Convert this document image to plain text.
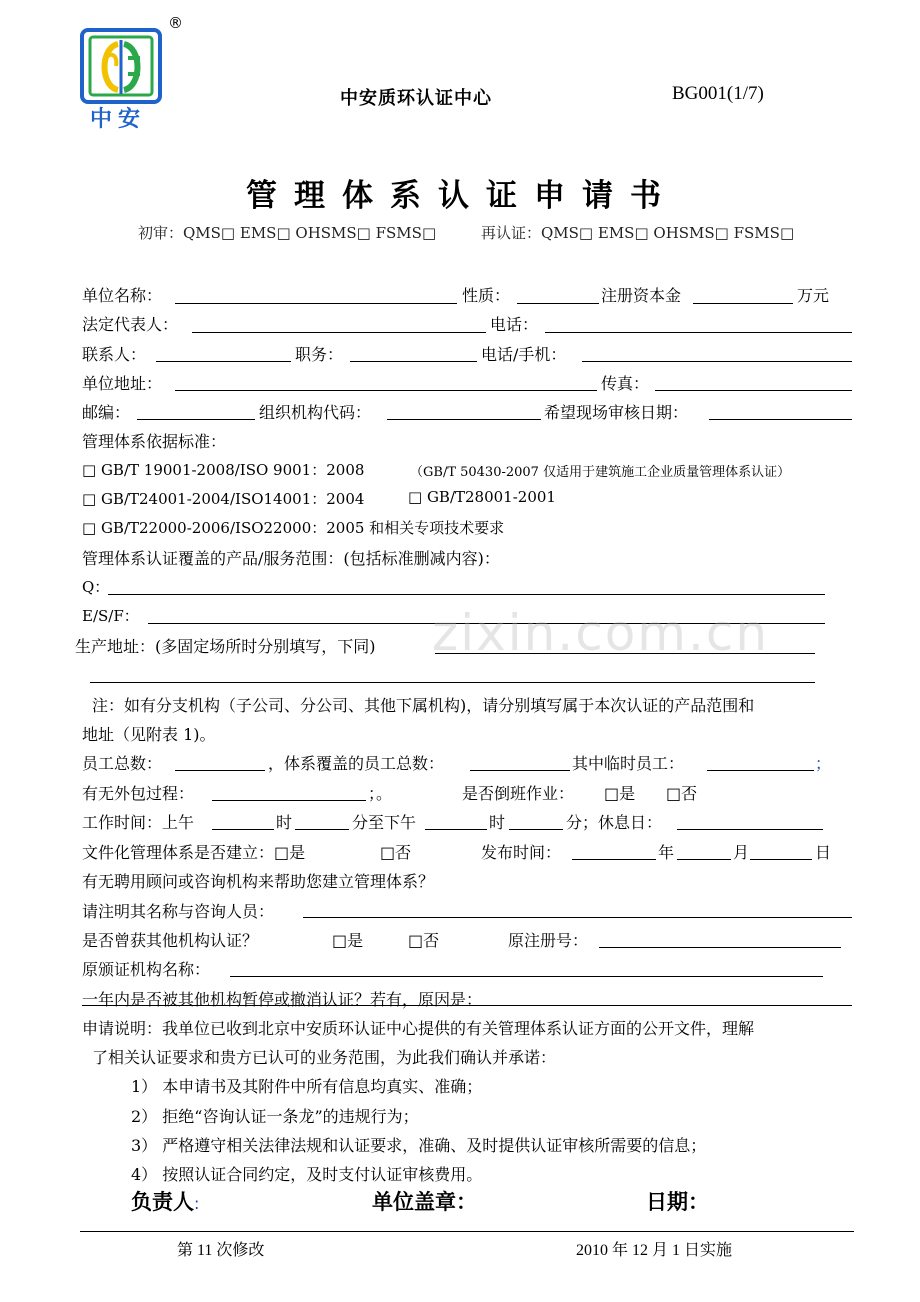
中安
®
中安质环认证中心	BG001(1/7)
管理体系认证申请书
初审：QMS□ EMS□ OHSMS□ FSMS□	再认证：QMS□ EMS□ OHSMS□ FSMS□
单位名称：	性质：	注册资本金	万元
法定代表人：	电话：
联系人：	职务：	电话/手机：
单位地址：	传真：
邮编：	组织机构代码：	希望现场审核日期：
管理体系依据标准：
□ GB/T 19001-2008/ISO 9001：2008	（GB/T 50430-2007 仅适用于建筑施工企业质量管理体系认证）
□ GB/T24001-2004/ISO14001：2004	□ GB/T28001-2001
□ GB/T22000-2006/ISO22000：2005 和相关专项技术要求
管理体系认证覆盖的产品/服务范围：(包括标准删减内容)：
Q：
E/S/F：
生产地址：(多固定场所时分别填写，下同)
注：如有分支机构（子公司、分公司、其他下属机构)，请分别填写属于本次认证的产品范围和
地址（见附表 1)。
员工总数：	，体系覆盖的员工总数：	其中临时员工：	；
有无外包过程：	；。	是否倒班作业： □是 □否
工作时间：上午	时	分至下午	时	分；休息日：
文件化管理体系是否建立：□是	□否	发布时间：	年	月	日
有无聘用顾问或咨询机构来帮助您建立管理体系？
请注明其名称与咨询人员：
是否曾获其他机构认证？	□是	□否	原注册号：
原颁证机构名称：
一年内是否被其他机构暂停或撤消认证？若有，原因是：
申请说明：我单位已收到北京中安质环认证中心提供的有关管理体系认证方面的公开文件，理解
了相关认证要求和贵方已认可的业务范围，为此我们确认并承诺：
1） 本申请书及其附件中所有信息均真实、准确；
2） 拒绝“咨询认证一条龙”的违规行为；
3） 严格遵守相关法律法规和认证要求，准确、及时提供认证审核所需要的信息；
4） 按照认证合同约定，及时支付认证审核费用。
负责人:	单位盖章：	日期：
第 11 次修改	2010 年 12 月 1 日实施
zixin.com.cn
